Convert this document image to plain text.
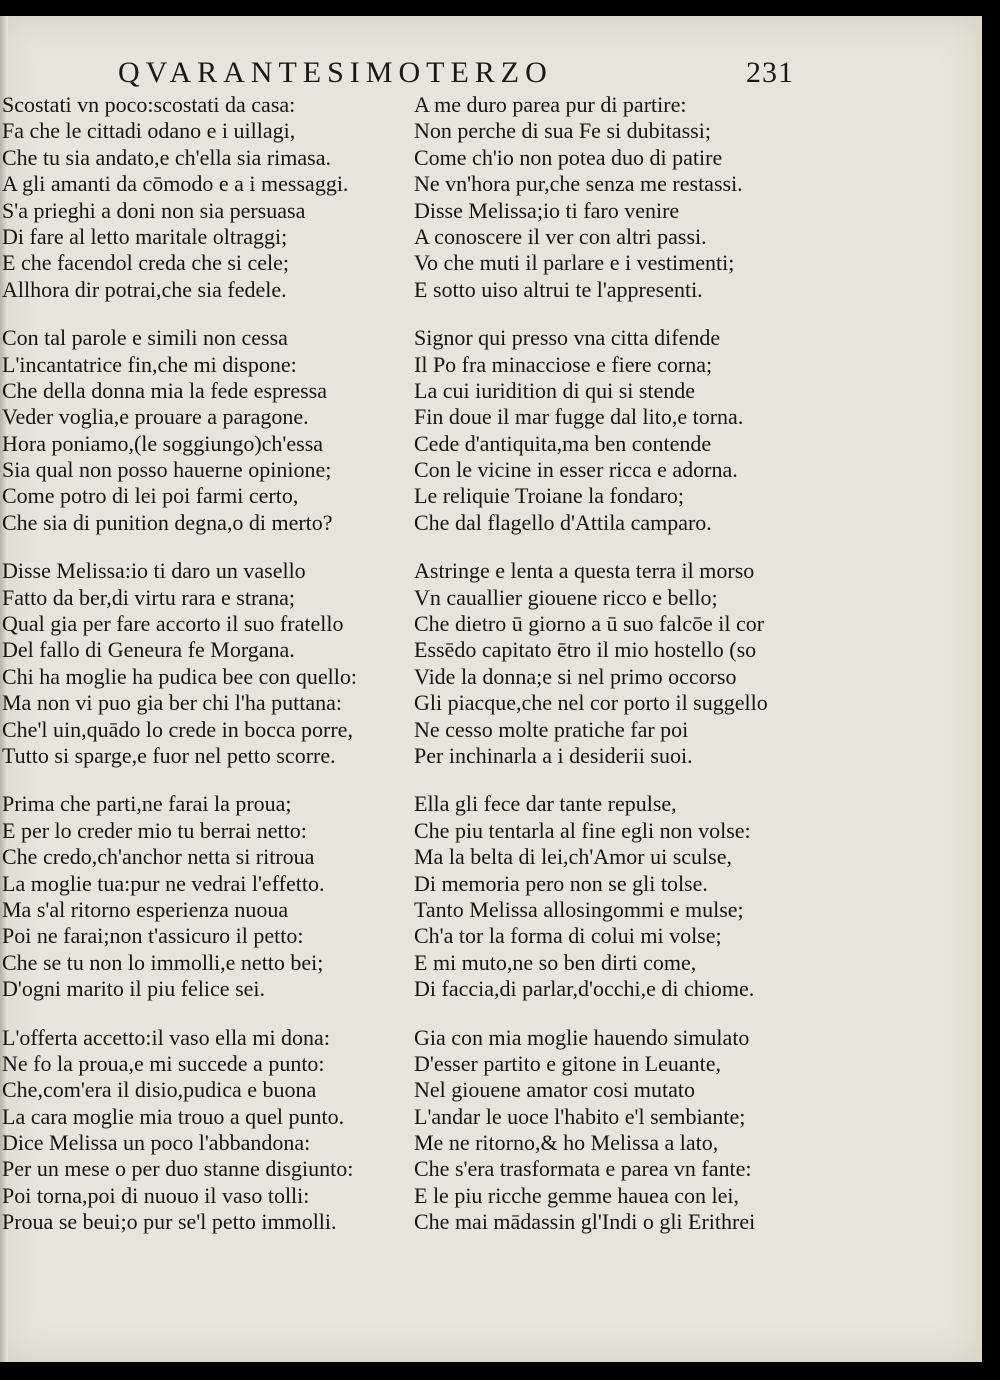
QVARANTESIMOTERZO	231
Scostati vn poco:scostati da casa:
Fa che le cittadi odano e i uillagi,
Che tu sia andato,e ch'ella sia rimasa.
A gli amanti da cōmodo e a i messaggi.
S'a prieghi a doni non sia persuasa
Di fare al letto maritale oltraggi;
E che facendol creda che si cele;
Allhora dir potrai,che sia fedele.
Con tal parole e simili non cessa
L'incantatrice fin,che mi dispone:
Che della donna mia la fede espressa
Veder voglia,e prouare a paragone.
Hora poniamo,(le soggiungo)ch'essa
Sia qual non posso hauerne opinione;
Come potro di lei poi farmi certo,
Che sia di punition degna,o di merto?
Disse Melissa:io ti daro un vasello
Fatto da ber,di virtu rara e strana;
Qual gia per fare accorto il suo fratello
Del fallo di Geneura fe Morgana.
Chi ha moglie ha pudica bee con quello:
Ma non vi puo gia ber chi l'ha puttana:
Che'l uin,quādo lo crede in bocca porre,
Tutto si sparge,e fuor nel petto scorre.
Prima che parti,ne farai la proua;
E per lo creder mio tu berrai netto:
Che credo,ch'anchor netta si ritroua
La moglie tua:pur ne vedrai l'effetto.
Ma s'al ritorno esperienza nuoua
Poi ne farai;non t'assicuro il petto:
Che se tu non lo immolli,e netto bei;
D'ogni marito il piu felice sei.
L'offerta accetto:il vaso ella mi dona:
Ne fo la proua,e mi succede a punto:
Che,com'era il disio,pudica e buona
La cara moglie mia trouo a quel punto.
Dice Melissa un poco l'abbandona:
Per un mese o per duo stanne disgiunto:
Poi torna,poi di nuouo il vaso tolli:
Proua se beui;o pur se'l petto immolli.
A me duro parea pur di partire:
Non perche di sua Fe si dubitassi;
Come ch'io non potea duo di patire
Ne vn'hora pur,che senza me restassi.
Disse Melissa;io ti faro venire
A conoscere il ver con altri passi.
Vo che muti il parlare e i vestimenti;
E sotto uiso altrui te l'appresenti.
Signor qui presso vna citta difende
Il Po fra minacciose e fiere corna;
La cui iuridition di qui si stende
Fin doue il mar fugge dal lito,e torna.
Cede d'antiquita,ma ben contende
Con le vicine in esser ricca e adorna.
Le reliquie Troiane la fondaro;
Che dal flagello d'Attila camparo.
Astringe e lenta a questa terra il morso
Vn cauallier giouene ricco e bello;
Che dietro ū giorno a ū suo falcōe il cor
Essēdo capitato ētro il mio hostello (so
Vide la donna;e si nel primo occorso
Gli piacque,che nel cor porto il suggello
Ne cesso molte pratiche far poi
Per inchinarla a i desiderii suoi.
Ella gli fece dar tante repulse,
Che piu tentarla al fine egli non volse:
Ma la belta di lei,ch'Amor ui sculse,
Di memoria pero non se gli tolse.
Tanto Melissa allosingommi e mulse;
Ch'a tor la forma di colui mi volse;
E mi muto,ne so ben dirti come,
Di faccia,di parlar,d'occhi,e di chiome.
Gia con mia moglie hauendo simulato
D'esser partito e gitone in Leuante,
Nel giouene amator cosi mutato
L'andar le uoce l'habito e'l sembiante;
Me ne ritorno,& ho Melissa a lato,
Che s'era trasformata e parea vn fante:
E le piu ricche gemme hauea con lei,
Che mai mādassin gl'Indi o gli Erithrei
